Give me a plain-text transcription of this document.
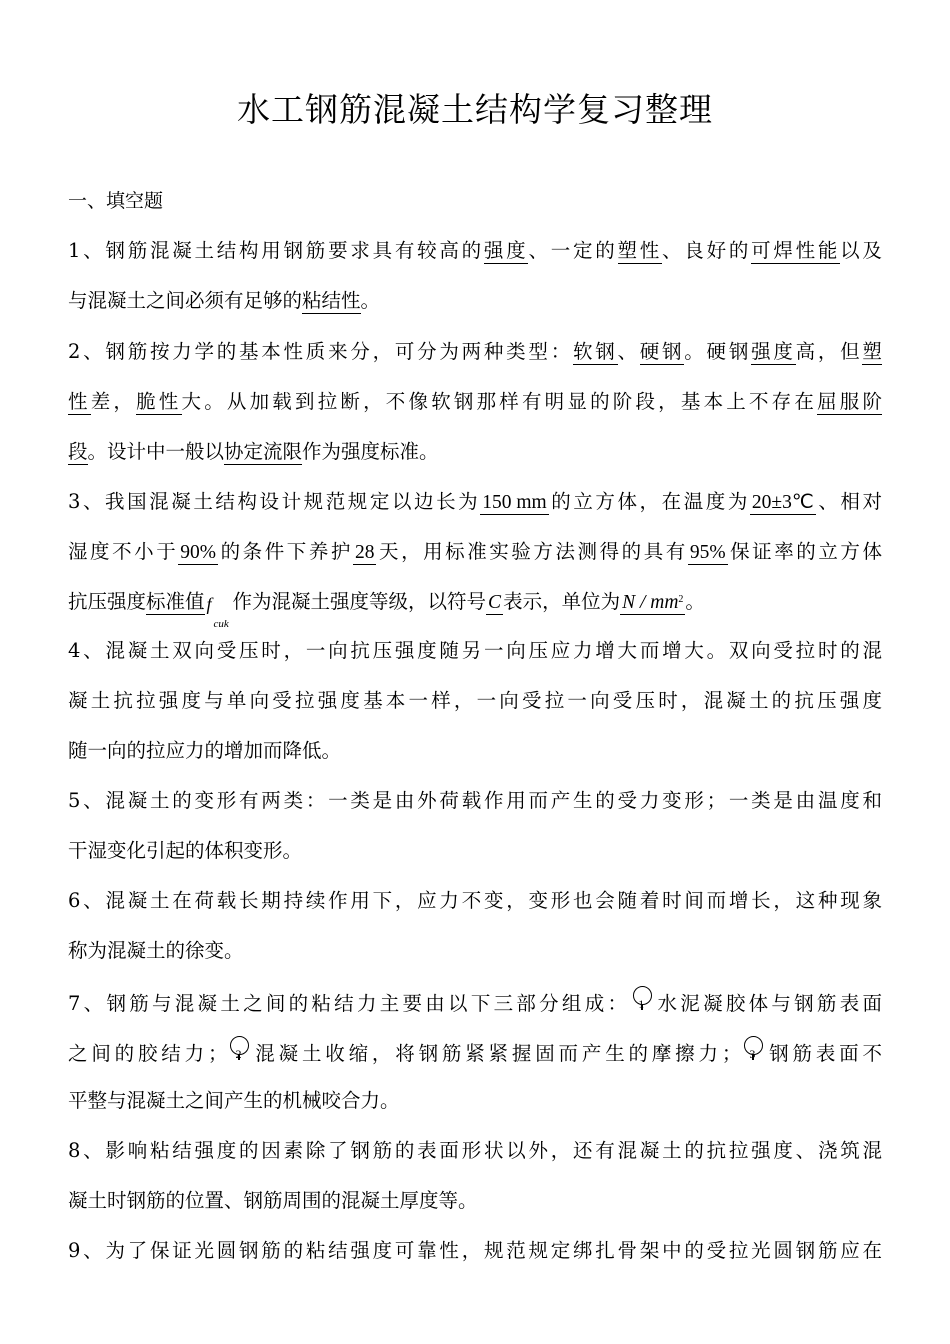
水工钢筋混凝土结构学复习整理
一、填空题
1、钢筋混凝土结构用钢筋要求具有较高的强度、一定的塑性、良好的可焊性能以及
与混凝土之间必须有足够的粘结性。
2、钢筋按力学的基本性质来分，可分为两种类型：软钢、硬钢。硬钢强度高，但塑
性差，脆性大。从加载到拉断，不像软钢那样有明显的阶段，基本上不存在屈服阶
段。设计中一般以协定流限作为强度标准。
3、我国混凝土结构设计规范规定以边长为 150 mm 的立方体，在温度为 20±3℃ 、相对
湿度不小于 90% 的条件下养护 28 天，用标准实验方法测得的具有 95% 保证率的立方体
抗压强度标准值 f
cuk
作为混凝土强度等级，以符号 C 表示，单位为 N / $mm^2$ 。
4、混凝土双向受压时，一向抗压强度随另一向压应力增大而增大。双向受拉时的混
凝土抗拉强度与单向受拉强度基本一样，一向受拉一向受压时，混凝土的抗压强度
随一向的拉应力的增加而降低。
5、混凝土的变形有两类：一类是由外荷载作用而产生的受力变形；一类是由温度和
干湿变化引起的体积变形。
6、混凝土在荷载长期持续作用下，应力不变，变形也会随着时间而增长，这种现象
称为混凝土的徐变。
7、钢筋与混凝土之间的粘结力主要由以下三部分组成： 1 水泥凝胶体与钢筋表面
之间的胶结力； 2 混凝土收缩，将钢筋紧紧握固而产生的摩擦力； 3 钢筋表面不
平整与混凝土之间产生的机械咬合力。
8、影响粘结强度的因素除了钢筋的表面形状以外，还有混凝土的抗拉强度、浇筑混
凝土时钢筋的位置、钢筋周围的混凝土厚度等。
9、为了保证光圆钢筋的粘结强度可靠性，规范规定绑扎骨架中的受拉光圆钢筋应在
